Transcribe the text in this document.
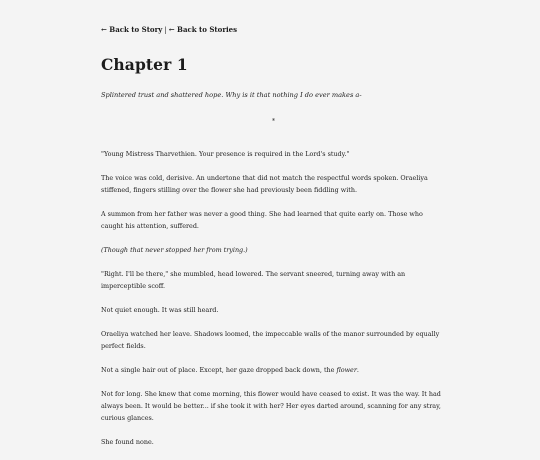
← Back to Story | ← Back to Stories
Chapter 1
Splintered trust and shattered hope. Why is it that nothing I do ever makes a-
*

"Young Mistress Tharvethien. Your presence is required in the Lord's study."

The voice was cold, derisive. An undertone that did not match the respectful words spoken. Oraeliya stiffened, fingers stilling over the flower she had previously been fiddling with.

A summon from her father was never a good thing. She had learned that quite early on. Those who caught his attention, suffered.

(Though that never stopped her from trying.)

"Right. I'll be there," she mumbled, head lowered. The servant sneered, turning away with an imperceptible scoff.

Not quiet enough. It was still heard.

Oraeliya watched her leave. Shadows loomed, the impeccable walls of the manor surrounded by equally perfect fields.

Not a single hair out of place. Except, her gaze dropped back down, the flower.

Not for long. She knew that come morning, this flower would have ceased to exist. It was the way. It had always been. It would be better... if she took it with her? Her eyes darted around, scanning for any stray, curious glances.

She found none.
